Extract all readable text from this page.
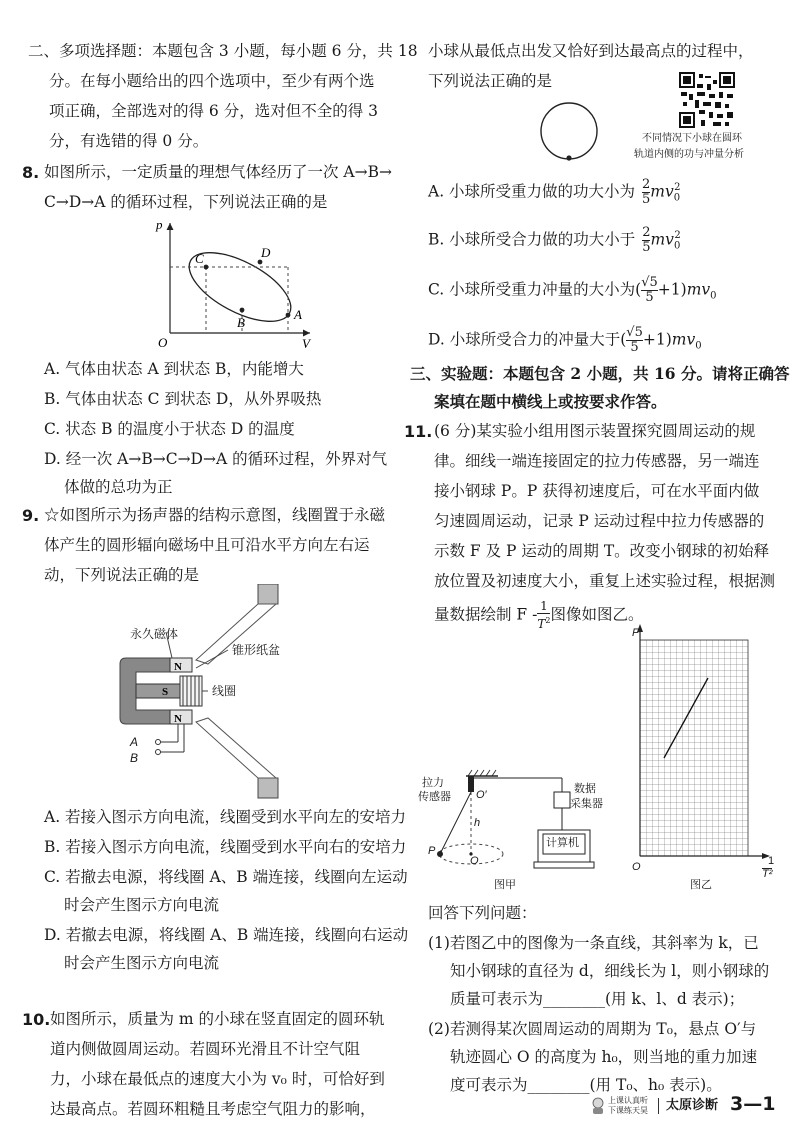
二、多项选择题：本题包含 3 小题，每小题 6 分，共 18
分。在每小题给出的四个选项中，至少有两个选
项正确，全部选对的得 6 分，选对但不全的得 3
分，有选错的得 0 分。
8. 如图所示，一定质量的理想气体经历了一次 A→B→
C→D→A 的循环过程，下列说法正确的是
p
V
O
C	D
A
B
A. 气体由状态 A 到状态 B，内能增大
B. 气体由状态 C 到状态 D，从外界吸热
C. 状态 B 的温度小于状态 D 的温度
D. 经一次 A→B→C→D→A 的循环过程，外界对气
体做的总功为正
9. ☆如图所示为扬声器的结构示意图，线圈置于永磁
体产生的圆形辐向磁场中且可沿水平方向左右运
动，下列说法正确的是
N
N
S
永久磁体
锥形纸盆
线圈
A
B
A. 若接入图示方向电流，线圈受到水平向左的安培力
B. 若接入图示方向电流，线圈受到水平向右的安培力
C. 若撤去电源，将线圈 A、B 端连接，线圈向左运动
时会产生图示方向电流
D. 若撤去电源，将线圈 A、B 端连接，线圈向右运动
时会产生图示方向电流
10. 如图所示，质量为 m 的小球在竖直固定的圆环轨
道内侧做圆周运动。若圆环光滑且不计空气阻
力，小球在最低点的速度大小为 v₀ 时，可恰好到
达最高点。若圆环粗糙且考虑空气阻力的影响，
小球从最低点出发又恰好到达最高点的过程中，
下列说法正确的是
不同情况下小球在圆环
轨道内侧的功与冲量分析
A. 小球所受重力做的功大小为 $\frac{2}{5} mv_0^2$
B. 小球所受合力做的功大小于 $\frac{2}{5} mv_0^2$
C. 小球所受重力冲量的大小为( $\frac{√5}{5} +1)mv_0$
D. 小球所受合力的冲量大于( $\frac{√5}{5} +1)mv_0$
三、实验题：本题包含 2 小题，共 16 分。请将正确答
案填在题中横线上或按要求作答。
11. (6 分)某实验小组用图示装置探究圆周运动的规
律。细线一端连接固定的拉力传感器，另一端连
接小钢球 P。P 获得初速度后，可在水平面内做
匀速圆周运动，记录 P 运动过程中拉力传感器的
示数 F 及 P 运动的周期 T。改变小钢球的初始释
放位置及初速度大小，重复上述实验过程，根据测
量数据绘制 F - $\frac{1}{T^2}$ 图像如图乙。
拉力
传感器 O′
h
P
O
数据
采集器
计算机
图甲
F
O	1
T²
图乙
回答下列问题：
(1)若图乙中的图像为一条直线，其斜率为 k，已
知小钢球的直径为 d，细线长为 l，则小钢球的
质量可表示为________(用 k、l、d 表示)；
(2)若测得某次圆周运动的周期为 T₀，悬点 O′与
轨迹圆心 O 的高度为 h₀，则当地的重力加速
度可表示为________(用 T₀、h₀ 表示)。
上课认真听
下课练天昊 太原诊断 3—1
